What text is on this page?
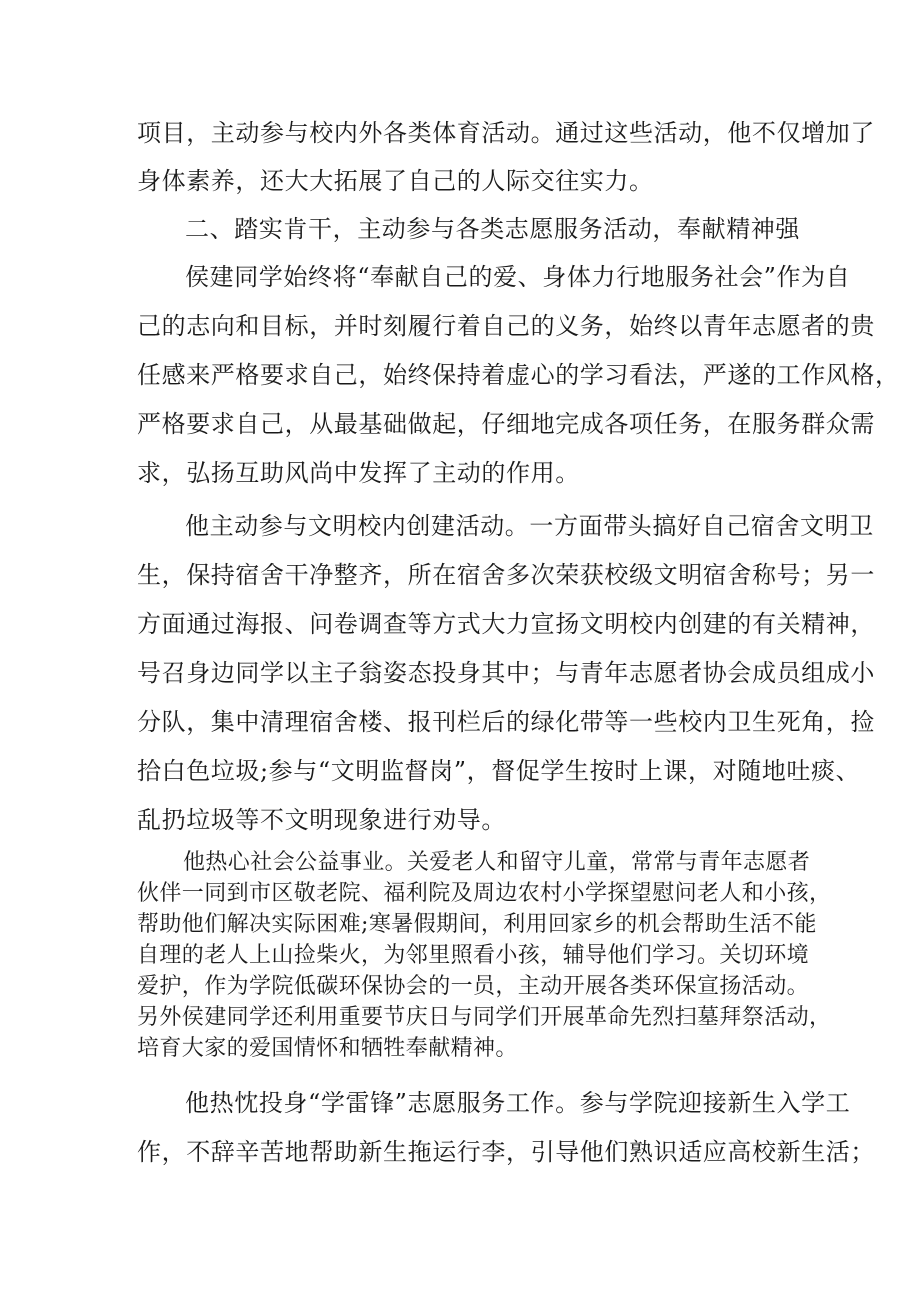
项目，主动参与校内外各类体育活动。通过这些活动，他不仅增加了
身体素养，还大大拓展了自己的人际交往实力。
二、踏实肯干，主动参与各类志愿服务活动，奉献精神强
侯建同学始终将“奉献自己的爱、身体力行地服务社会”作为自
己的志向和目标，并时刻履行着自己的义务，始终以青年志愿者的贵
任感来严格要求自己，始终保持着虚心的学习看法，严遂的工作风格，
严格要求自己，从最基础做起，仔细地完成各项任务，在服务群众需
求，弘扬互助风尚中发挥了主动的作用。
他主动参与文明校内创建活动。一方面带头搞好自己宿舍文明卫
生，保持宿舍干净整齐，所在宿舍多次荣获校级文明宿舍称号；另一
方面通过海报、问卷调查等方式大力宣扬文明校内创建的有关精神，
号召身边同学以主子翁姿态投身其中；与青年志愿者协会成员组成小
分队，集中清理宿舍楼、报刊栏后的绿化带等一些校内卫生死角，捡
拾白色垃圾;参与“文明监督岗”，督促学生按时上课，对随地吐痰、
乱扔垃圾等不文明现象进行劝导。
他热心社会公益事业。关爱老人和留守儿童，常常与青年志愿者
伙伴一同到市区敬老院、福利院及周边农村小学探望慰问老人和小孩，
帮助他们解决实际困难;寒暑假期间，利用回家乡的机会帮助生活不能
自理的老人上山捡柴火，为邻里照看小孩，辅导他们学习。关切环境
爱护，作为学院低碳环保协会的一员，主动开展各类环保宣扬活动。
另外侯建同学还利用重要节庆日与同学们开展革命先烈扫墓拜祭活动，
培育大家的爱国情怀和牺牲奉献精神。
他热忱投身“学雷锋”志愿服务工作。参与学院迎接新生入学工
作，不辞辛苦地帮助新生拖运行李，引导他们熟识适应高校新生活；
